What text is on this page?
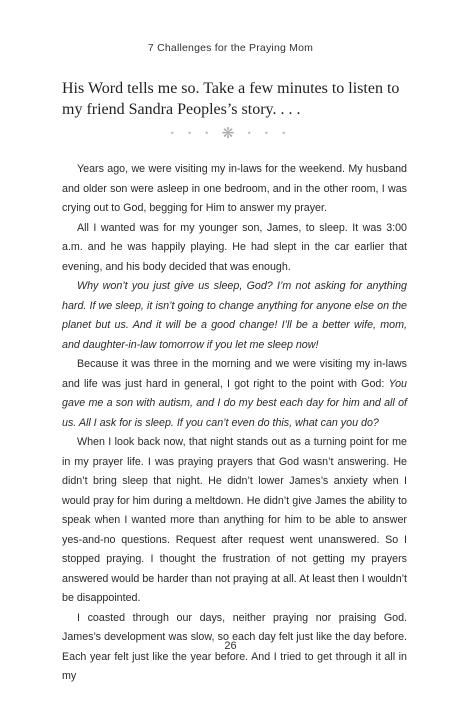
7 Challenges for the Praying Mom
His Word tells me so. Take a few minutes to listen to my friend Sandra Peoples’s story. . . .
• • • ❋ • • •

Years ago, we were visiting my in-laws for the weekend. My husband and older son were asleep in one bedroom, and in the other room, I was crying out to God, begging for Him to answer my prayer.

All I wanted was for my younger son, James, to sleep. It was 3:00 a.m. and he was happily playing. He had slept in the car earlier that evening, and his body decided that was enough.

Why won’t you just give us sleep, God? I’m not asking for anything hard. If we sleep, it isn’t going to change anything for anyone else on the planet but us. And it will be a good change! I’ll be a better wife, mom, and daughter-in-law tomorrow if you let me sleep now!

Because it was three in the morning and we were visiting my in-laws and life was just hard in general, I got right to the point with God: You gave me a son with autism, and I do my best each day for him and all of us. All I ask for is sleep. If you can’t even do this, what can you do?

When I look back now, that night stands out as a turning point for me in my prayer life. I was praying prayers that God wasn’t answering. He didn’t bring sleep that night. He didn’t lower James’s anxiety when I would pray for him during a meltdown. He didn’t give James the ability to speak when I wanted more than anything for him to be able to answer yes-and-no questions. Request after request went unanswered. So I stopped praying. I thought the frustration of not getting my prayers answered would be harder than not praying at all. At least then I wouldn’t be disappointed.

I coasted through our days, neither praying nor praising God. James’s development was slow, so each day felt just like the day before. Each year felt just like the year before. And I tried to get through it all in my

26
